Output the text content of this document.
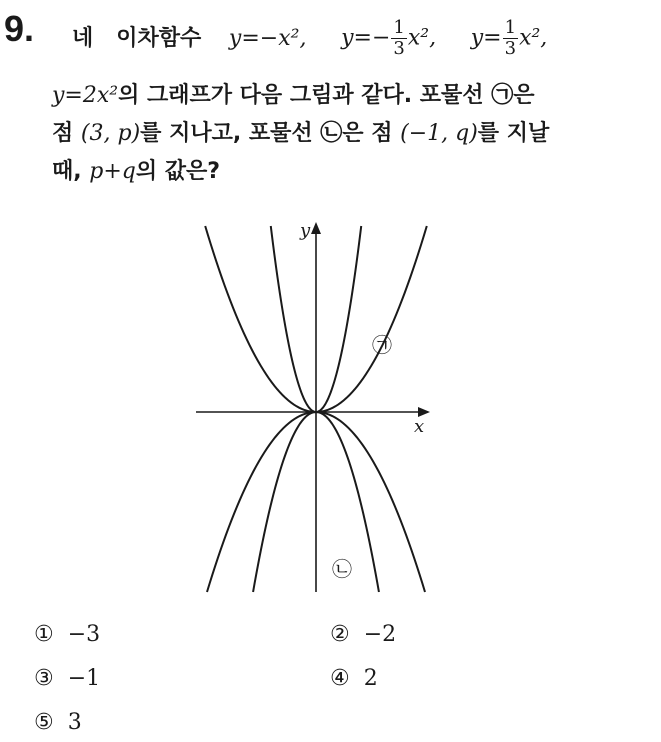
9.	네   이차함수 y=−x²,  $y=- \frac{1}{3} x^2$,  $y= \frac{1}{3} x^2$,
y=2x²의 그래프가 다음 그림과 같다. 포물선 ㉠은
점 (3, p)를 지나고, 포물선 ㉡은 점 (−1, q)를 지날
때, p+q의 값은?
y
x
㉠
㉡
① −3	② −2
③ −1	④ 2
⑤ 3
